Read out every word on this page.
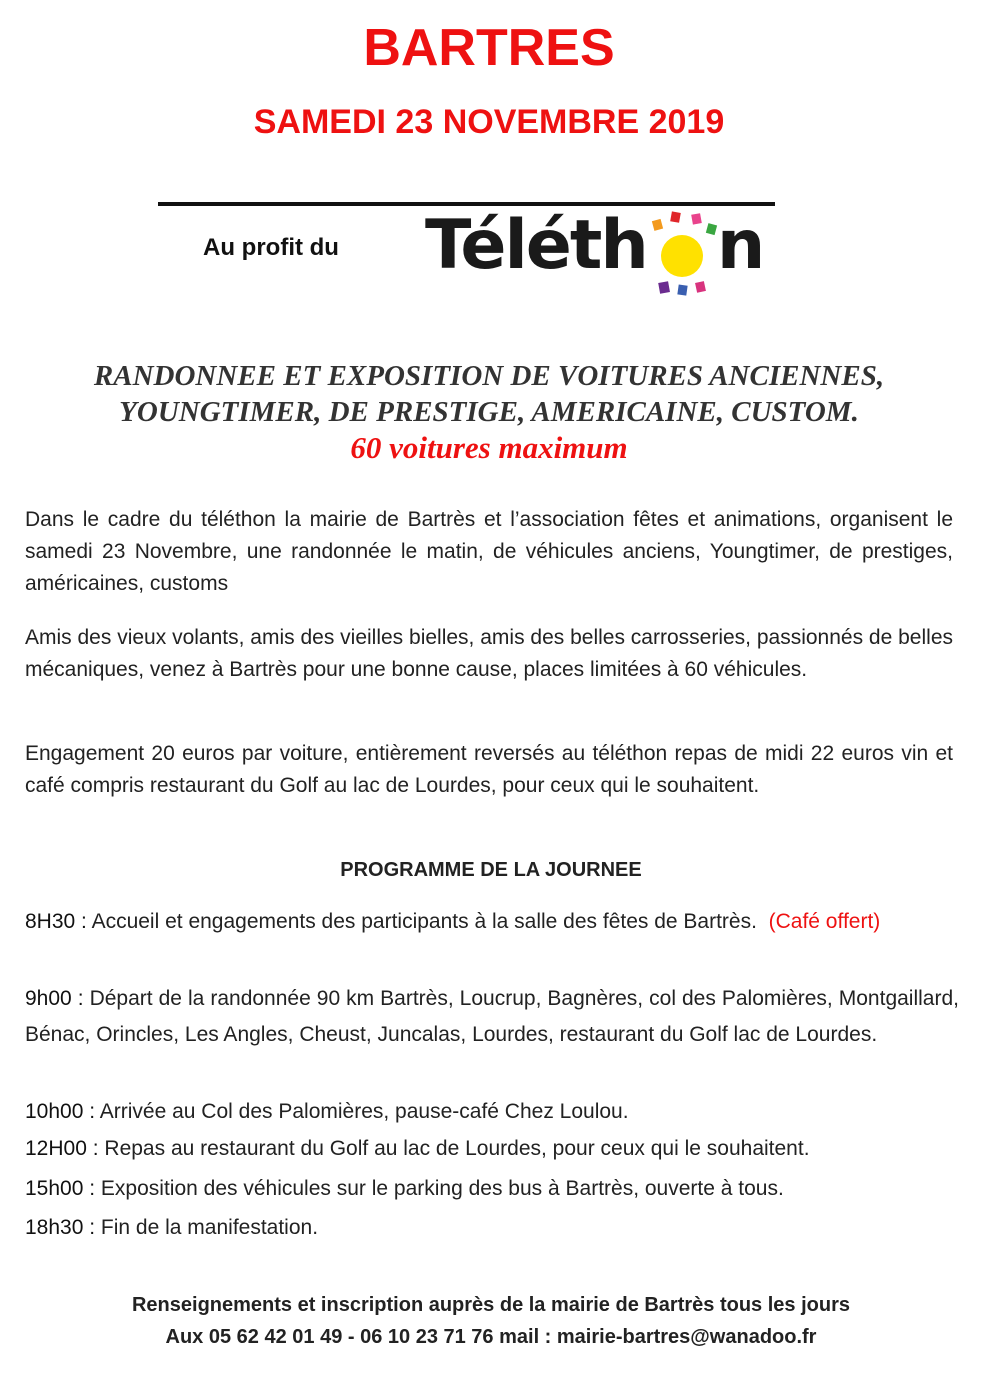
BARTRES
SAMEDI 23 NOVEMBRE 2019
Au profit du Téléth n

RANDONNEE ET EXPOSITION DE VOITURES ANCIENNES,

YOUNGTIMER, DE PRESTIGE, AMERICAINE, CUSTOM.

60 voitures maximum

Dans le cadre du téléthon la mairie de Bartrès et l’association fêtes et animations, organisent le samedi 23 Novembre, une randonnée le matin, de véhicules anciens, Youngtimer, de prestiges, américaines, customs

Amis des vieux volants, amis des vieilles bielles, amis des belles carrosseries, passionnés de belles mécaniques, venez à Bartrès pour une bonne cause, places limitées à 60 véhicules.

Engagement 20 euros par voiture, entièrement reversés au téléthon repas de midi 22 euros vin et café compris restaurant du Golf au lac de Lourdes, pour ceux qui le souhaitent.

PROGRAMME DE LA JOURNEE

8H30 : Accueil et engagements des participants à la salle des fêtes de Bartrès. (Café offert)

9h00 : Départ de la randonnée 90 km Bartrès, Loucrup, Bagnères, col des Palomières, Montgaillard, Bénac, Orincles, Les Angles, Cheust, Juncalas, Lourdes, restaurant du Golf lac de Lourdes.

10h00 : Arrivée au Col des Palomières, pause-café Chez Loulou.

12H00 : Repas au restaurant du Golf au lac de Lourdes, pour ceux qui le souhaitent.

15h00 : Exposition des véhicules sur le parking des bus à Bartrès, ouverte à tous.

18h30 : Fin de la manifestation.

Renseignements et inscription auprès de la mairie de Bartrès tous les jours

Aux 05 62 42 01 49 - 06 10 23 71 76 mail : mairie-bartres@wanadoo.fr
